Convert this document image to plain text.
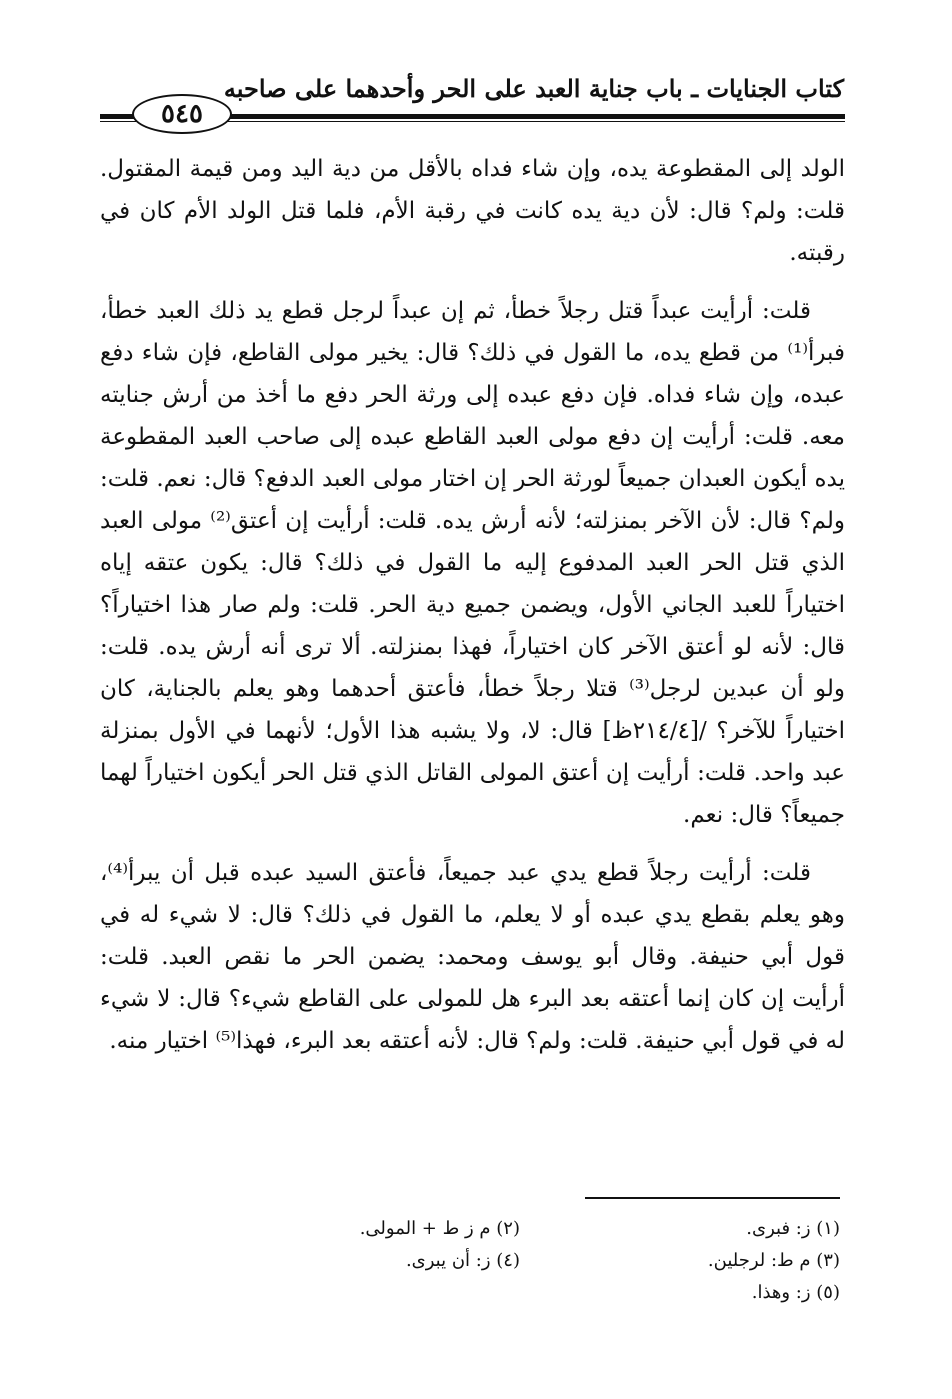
كتاب الجنايات ـ باب جناية العبد على الحر وأحدهما على صاحبه
٥٤٥

الولد إلى المقطوعة يده، وإن شاء فداه بالأقل من دية اليد ومن قيمة المقتول. قلت: ولم؟ قال: لأن دية يده كانت في رقبة الأم، فلما قتل الولد الأم كان في رقبته.

قلت: أرأيت عبداً قتل رجلاً خطأ، ثم إن عبداً لرجل قطع يد ذلك العبد خطأ، فبرأ⁽¹⁾ من قطع يده، ما القول في ذلك؟ قال: يخير مولى القاطع، فإن شاء دفع عبده، وإن شاء فداه. فإن دفع عبده إلى ورثة الحر دفع ما أخذ من أرش جنايته معه. قلت: أرأيت إن دفع مولى العبد القاطع عبده إلى صاحب العبد المقطوعة يده أيكون العبدان جميعاً لورثة الحر إن اختار مولى العبد الدفع؟ قال: نعم. قلت: ولم؟ قال: لأن الآخر بمنزلته؛ لأنه أرش يده. قلت: أرأيت إن أعتق⁽²⁾ مولى العبد الذي قتل الحر العبد المدفوع إليه ما القول في ذلك؟ قال: يكون عتقه إياه اختياراً للعبد الجاني الأول، ويضمن جميع دية الحر. قلت: ولم صار هذا اختياراً؟ قال: لأنه لو أعتق الآخر كان اختياراً، فهذا بمنزلته. ألا ترى أنه أرش يده. قلت: ولو أن عبدين لرجل⁽³⁾ قتلا رجلاً خطأ، فأعتق أحدهما وهو يعلم بالجناية، كان اختياراً للآخر؟ /[٢١٤/٤ظ] قال: لا، ولا يشبه هذا الأول؛ لأنهما في الأول بمنزلة عبد واحد. قلت: أرأيت إن أعتق المولى القاتل الذي قتل الحر أيكون اختياراً لهما جميعاً؟ قال: نعم.

قلت: أرأيت رجلاً قطع يدي عبد جميعاً، فأعتق السيد عبده قبل أن يبرأ⁽⁴⁾، وهو يعلم بقطع يدي عبده أو لا يعلم، ما القول في ذلك؟ قال: لا شيء له في قول أبي حنيفة. وقال أبو يوسف ومحمد: يضمن الحر ما نقص العبد. قلت: أرأيت إن كان إنما أعتقه بعد البرء هل للمولى على القاطع شيء؟ قال: لا شيء له في قول أبي حنيفة. قلت: ولم؟ قال: لأنه أعتقه بعد البرء، فهذا⁽⁵⁾ اختيار منه.

(١) ز: فبرى.
(٢) م ز ط + المولى.
(٣) م ط: لرجلين.
(٤) ز: أن يبرى.
(٥) ز: وهذا.
